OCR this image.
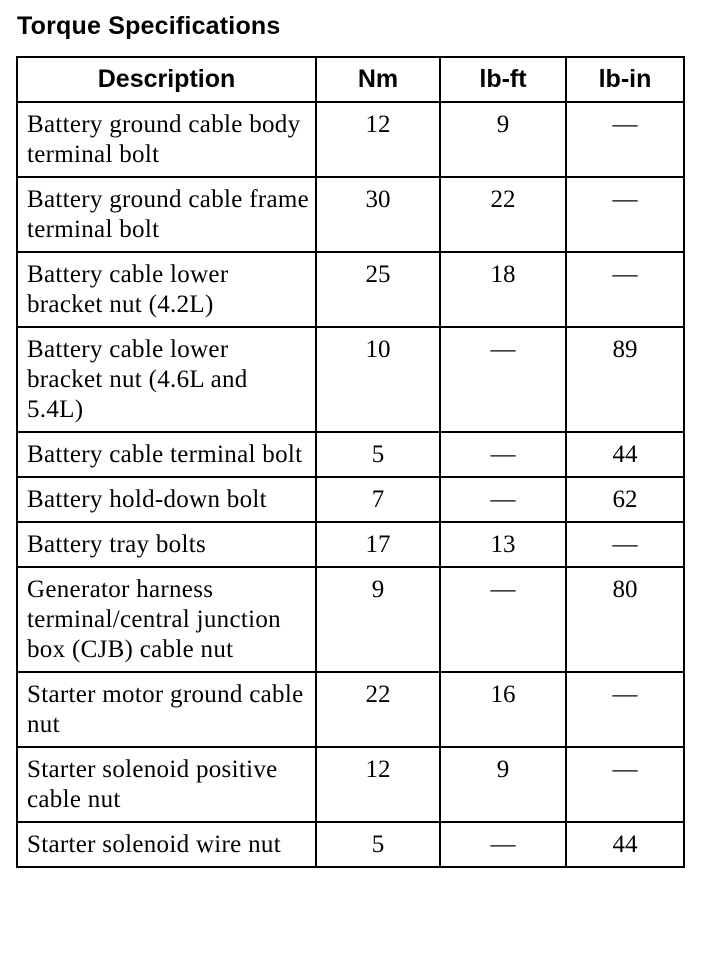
Torque Specifications
Description	Nm	lb-ft	lb-in
Battery ground cable body terminal bolt	12	9	—
Battery ground cable frame terminal bolt	30	22	—
Battery cable lower bracket nut (4.2L)	25	18	—
Battery cable lower bracket nut (4.6L and 5.4L)	10	—	89
Battery cable terminal bolt	5	—	44
Battery hold-down bolt	7	—	62
Battery tray bolts	17	13	—
Generator harness terminal/central junction box (CJB) cable nut	9	—	80
Starter motor ground cable nut	22	16	—
Starter solenoid positive cable nut	12	9	—
Starter solenoid wire nut	5	—	44
